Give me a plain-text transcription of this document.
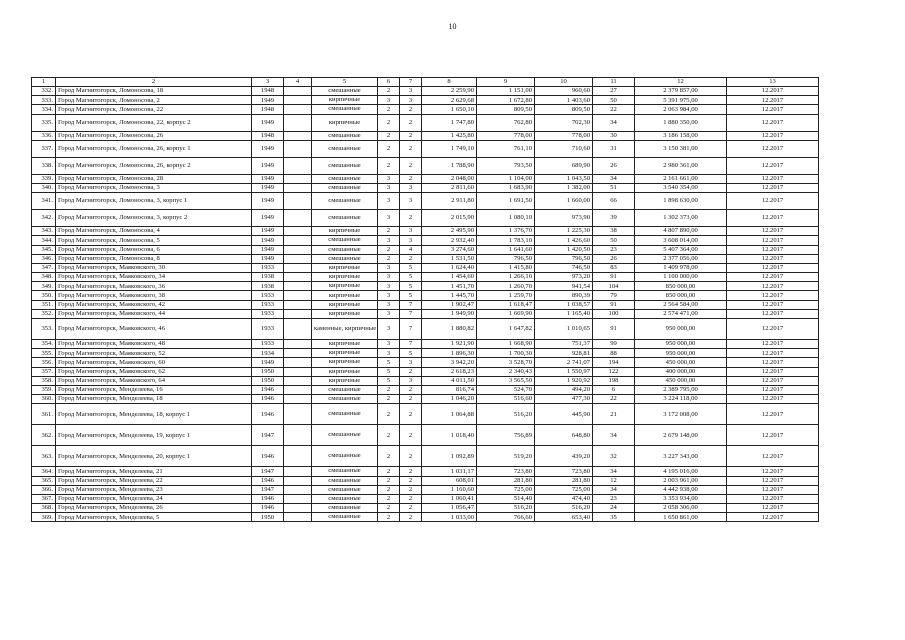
10
1	2	3	4	5	6	7	8	9	10	11	12	13
332.	Город Магнитогорск, Ломоносова, 18	1948		смешанные	2	3	2 259,90	1 151,00	960,60	27	2 379 857,00	12.2017
333.	Город Магнитогорск, Ломоносова, 2	1949		кирпичные	3	3	2 629,68	1 672,80	1 403,60	50	5 391 975,00	12.2017
334.	Город Магнитогорск, Ломоносова, 22	1948		смешанные	2	2	1 650,10	809,50	809,50	22	2 063 984,00	12.2017
335.	Город Магнитогорск, Ломоносова, 22, корпус 2	1949		кирпичные	2	2	1 747,80	762,80	702,30	34	1 880 350,00	12.2017
336.	Город Магнитогорск, Ломоносова, 26	1948		смешанные	2	2	1 425,80	778,00	778,00	30	3 186 158,00	12.2017
337.	Город Магнитогорск, Ломоносова, 26, корпус 1	1949		смешанные	2	2	1 749,10	761,10	710,60	31	3 150 381,00	12.2017
338.	Город Магнитогорск, Ломоносова, 26, корпус 2	1949		смешанные	2	2	1 788,90	793,50	689,90	26	2 980 361,00	12.2017
339.	Город Магнитогорск, Ломоносова, 28	1949		смешанные	3	2	2 048,00	1 104,00	1 043,50	34	2 161 661,00	12.2017
340.	Город Магнитогорск, Ломоносова, 3	1949		смешанные	3	3	2 811,60	1 683,90	1 382,00	51	3 540 354,00	12.2017
341.	Город Магнитогорск, Ломоносова, 3, корпус 1	1949		смешанные	3	3	2 911,80	1 691,50	1 660,00	66	1 898 630,00	12.2017
342.	Город Магнитогорск, Ломоносова, 3, корпус 2	1949		смешанные	3	2	2 015,90	1 080,10	973,90	39	1 302 373,00	12.2017
343.	Город Магнитогорск, Ломоносова, 4	1949		кирпичные	2	3	2 495,90	1 376,70	1 225,30	38	4 807 890,00	12.2017
344.	Город Магнитогорск, Ломоносова, 5	1949		смешанные	3	3	2 932,40	1 783,10	1 426,60	50	3 608 014,00	12.2017
345.	Город Магнитогорск, Ломоносова, 6	1949		смешанные	2	4	3 274,60	1 641,60	1 420,50	23	5 407 364,00	12.2017
346.	Город Магнитогорск, Ломоносова, 8	1949		смешанные	2	2	1 531,50	796,50	796,50	26	2 377 056,00	12.2017
347.	Город Магнитогорск, Маяковского, 30	1933		кирпичные	3	5	1 624,40	1 415,80	746,50	83	1 409 978,00	12.2017
348.	Город Магнитогорск, Маяковского, 34	1938		кирпичные	3	5	1 454,60	1 266,10	973,20	91	1 100 000,00	12.2017
349.	Город Магнитогорск, Маяковского, 36	1938		кирпичные	3	5	1 451,70	1 260,70	941,54	104	850 000,00	12.2017
350.	Город Магнитогорск, Маяковского, 38	1933		кирпичные	3	5	1 445,70	1 259,70	890,39	79	850 000,00	12.2017
351.	Город Магнитогорск, Маяковского, 42	1933		кирпичные	3	7	1 902,47	1 618,47	1 038,57	91	2 564 584,00	12.2017
352.	Город Магнитогорск, Маяковского, 44	1933		кирпичные	3	7	1 949,90	1 669,90	1 165,40	100	2 574 471,00	12.2017
353.	Город Магнитогорск, Маяковского, 46	1933		каменные, кирпичные	3	7	1 880,82	1 647,82	1 010,65	91	950 000,00	12.2017
354.	Город Магнитогорск, Маяковского, 48	1933		кирпичные	3	7	1 921,90	1 668,90	751,37	99	950 000,00	12.2017
355.	Город Магнитогорск, Маяковского, 52	1934		кирпичные	3	5	1 896,30	1 700,30	928,81	88	950 000,00	12.2017
356.	Город Магнитогорск, Маяковского, 60	1949		кирпичные	5	3	3 942,20	3 528,70	2 741,07	194	450 000,00	12.2017
357.	Город Магнитогорск, Маяковского, 62	1950		кирпичные	5	2	2 618,23	2 340,43	1 550,97	122	400 000,00	12.2017
358.	Город Магнитогорск, Маяковского, 64	1950		кирпичные	5	3	4 011,50	3 565,50	1 920,92	198	450 000,00	12.2017
359.	Город Магнитогорск, Менделеева, 16	1946		смешанные	2	2	816,74	524,70	494,20	6	2 389 795,00	12.2017
360.	Город Магнитогорск, Менделеева, 18	1946		смешанные	2	2	1 046,20	516,60	477,30	22	3 224 118,00	12.2017
361.	Город Магнитогорск, Менделеева, 18, корпус 1	1946		смешанные	2	2	1 064,88	516,20	445,90	21	3 172 008,00	12.2017
362.	Город Магнитогорск, Менделеева, 19, корпус 1	1947		смешанные	2	2	1 018,40	756,89	648,80	34	2 679 148,00	12.2017
363.	Город Магнитогорск, Менделеева, 20, корпус 1	1946		смешанные	2	2	1 092,89	519,20	439,20	32	3 227 343,00	12.2017
364.	Город Магнитогорск, Менделеева, 21	1947		смешанные	2	2	1 031,17	723,80	723,80	34	4 195 016,00	12.2017
365.	Город Магнитогорск, Менделеева, 22	1946		смешанные	2	2	608,01	281,80	281,80	12	2 003 961,00	12.2017
366.	Город Магнитогорск, Менделеева, 23	1947		смешанные	2	2	1 160,60	725,00	725,00	34	4 442 938,00	12.2017
367.	Город Магнитогорск, Менделеева, 24	1946		смешанные	2	2	1 060,41	514,40	474,40	23	3 353 934,00	12.2017
368.	Город Магнитогорск, Менделеева, 26	1946		смешанные	2	2	1 056,47	516,20	516,20	24	2 058 306,00	12.2017
369.	Город Магнитогорск, Менделеева, 5	1950		смешанные	2	2	1 033,00	766,60	653,40	35	1 650 861,00	12.2017
